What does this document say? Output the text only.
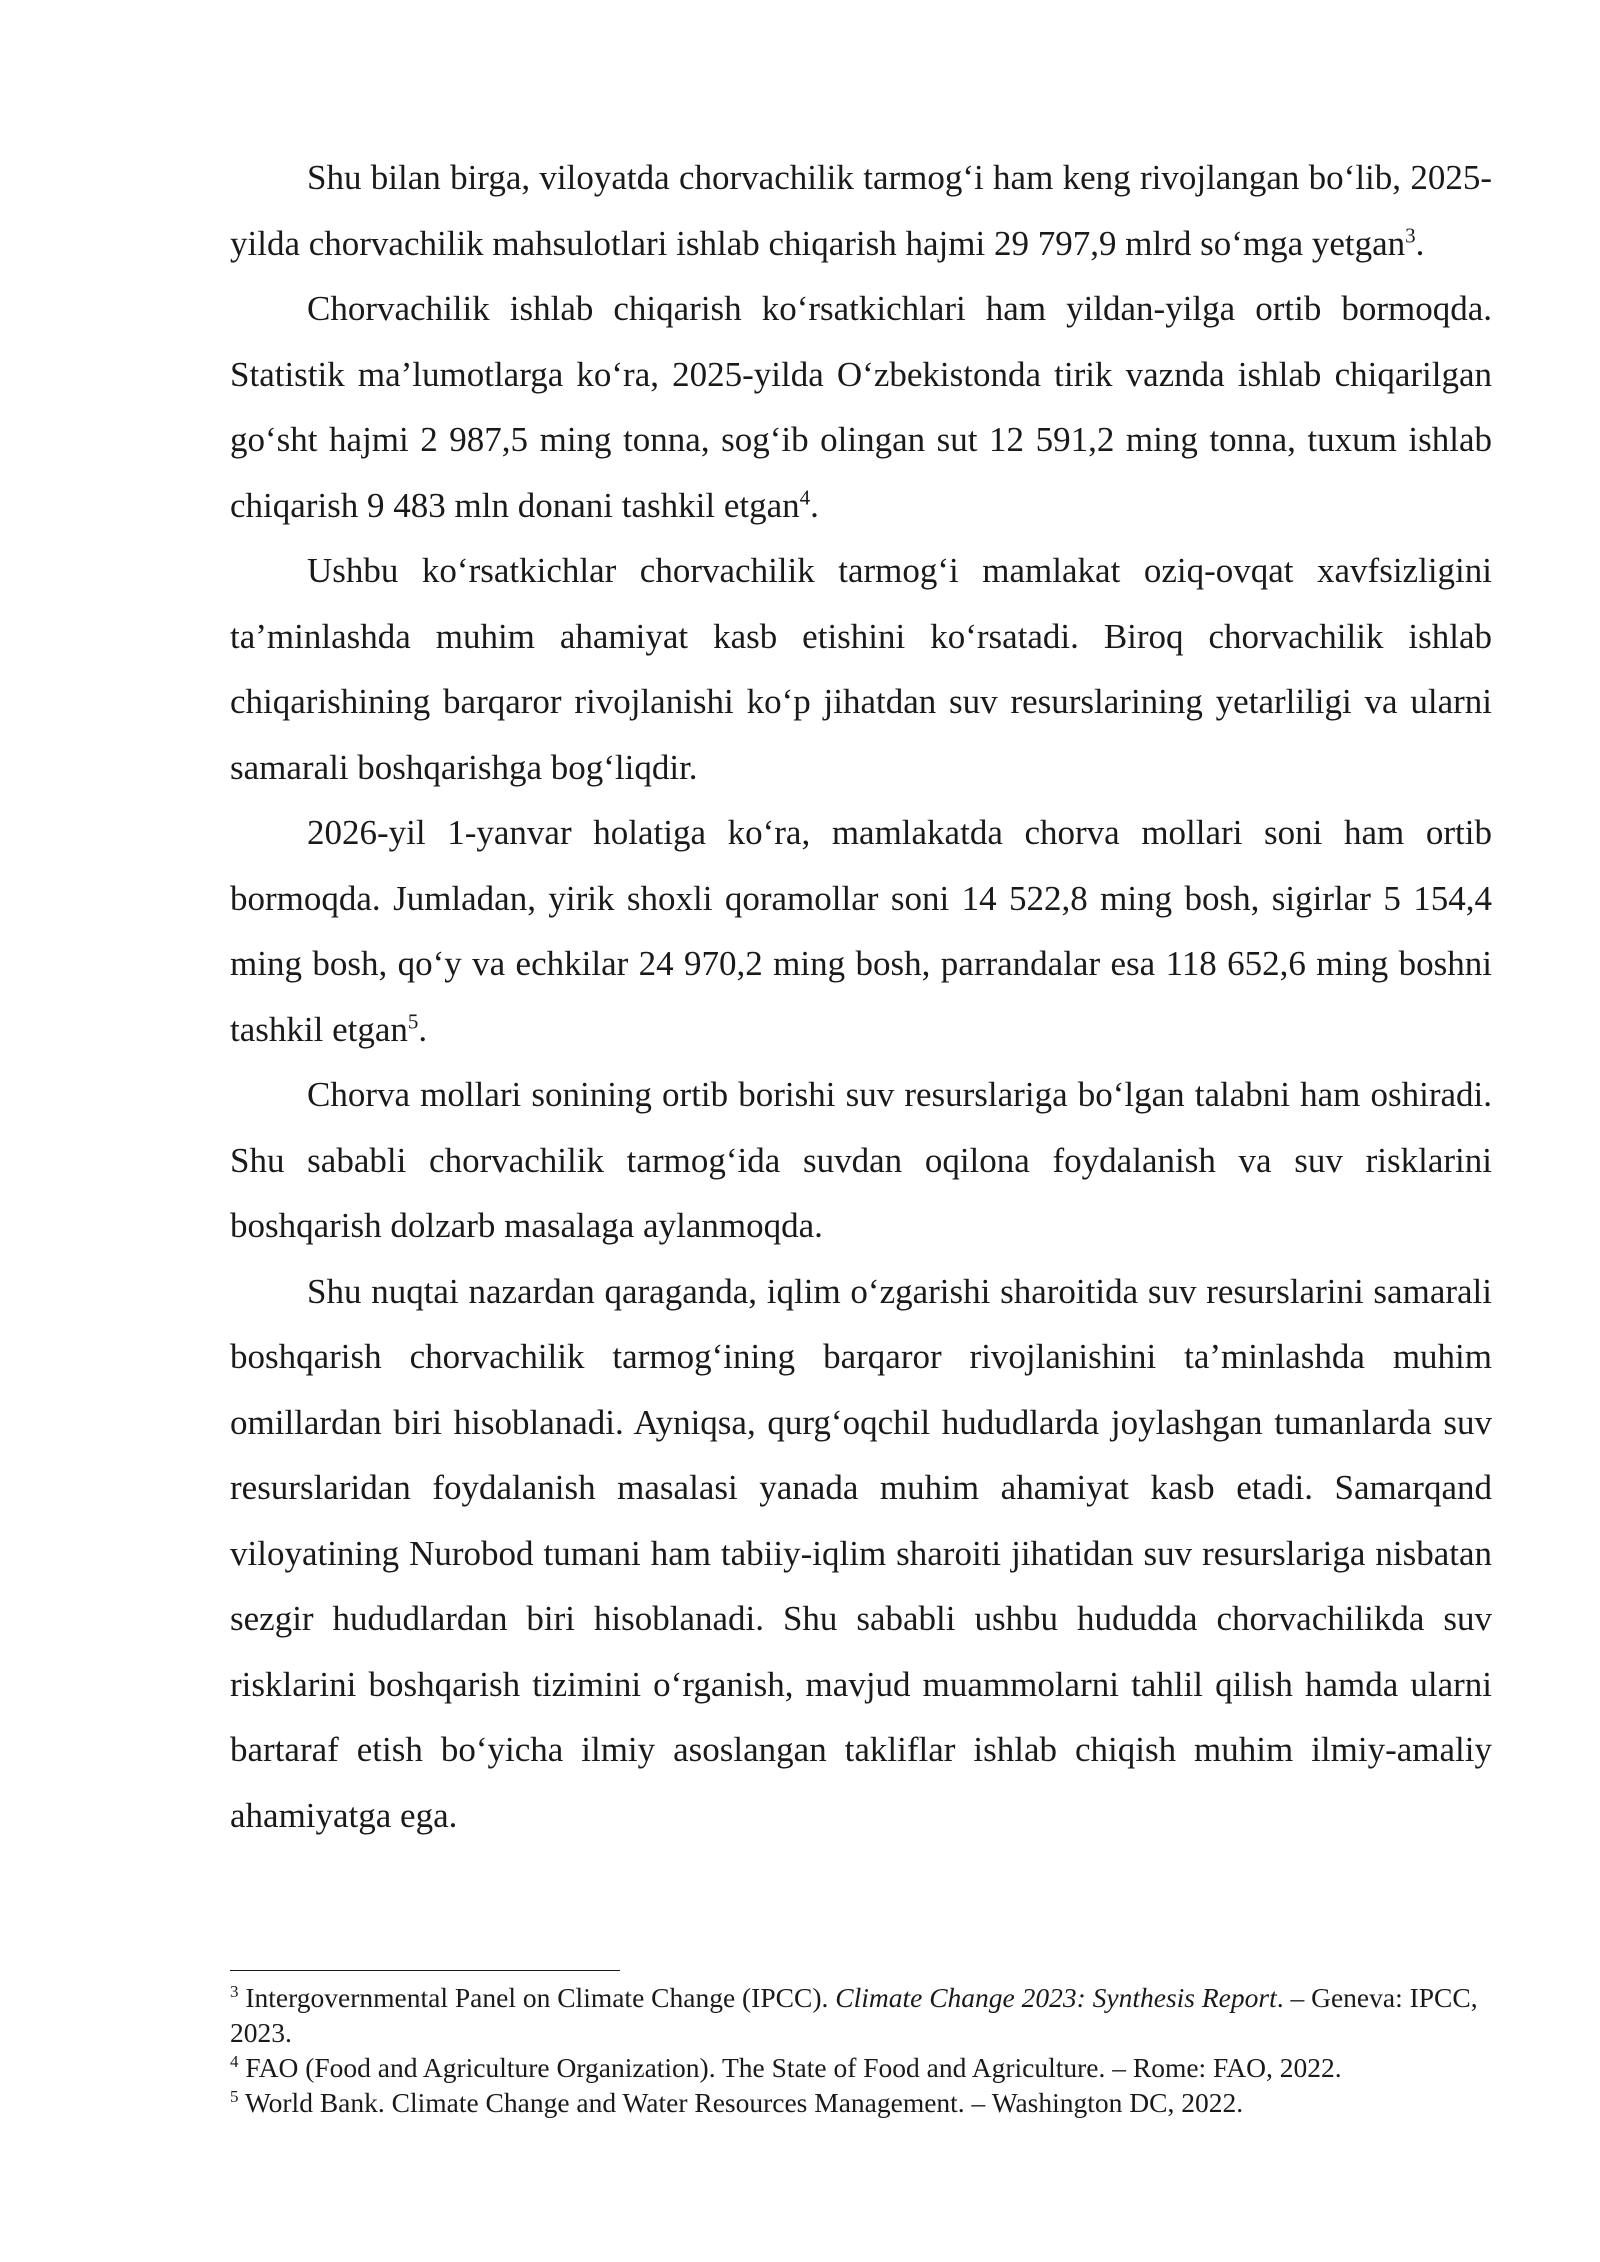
Shu bilan birga, viloyatda chorvachilik tarmog‘i ham keng rivojlangan bo‘lib, 2025-yilda chorvachilik mahsulotlari ishlab chiqarish hajmi 29 797,9 mlrd so‘mga yetgan$^3$.

Chorvachilik ishlab chiqarish ko‘rsatkichlari ham yildan-yilga ortib bormoqda. Statistik ma’lumotlarga ko‘ra, 2025-yilda O‘zbekistonda tirik vaznda ishlab chiqarilgan go‘sht hajmi 2 987,5 ming tonna, sog‘ib olingan sut 12 591,2 ming tonna, tuxum ishlab chiqarish 9 483 mln donani tashkil etgan$^4$.

Ushbu ko‘rsatkichlar chorvachilik tarmog‘i mamlakat oziq-ovqat xavfsizligini ta’minlashda muhim ahamiyat kasb etishini ko‘rsatadi. Biroq chorvachilik ishlab chiqarishining barqaror rivojlanishi ko‘p jihatdan suv resurslarining yetarliligi va ularni samarali boshqarishga bog‘liqdir.

2026-yil 1-yanvar holatiga ko‘ra, mamlakatda chorva mollari soni ham ortib bormoqda. Jumladan, yirik shoxli qoramollar soni 14 522,8 ming bosh, sigirlar 5 154,4 ming bosh, qo‘y va echkilar 24 970,2 ming bosh, parrandalar esa 118 652,6 ming boshni tashkil etgan$^5$.

Chorva mollari sonining ortib borishi suv resurslariga bo‘lgan talabni ham oshiradi. Shu sababli chorvachilik tarmog‘ida suvdan oqilona foydalanish va suv risklarini boshqarish dolzarb masalaga aylanmoqda.

Shu nuqtai nazardan qaraganda, iqlim o‘zgarishi sharoitida suv resurslarini samarali boshqarish chorvachilik tarmog‘ining barqaror rivojlanishini ta’minlashda muhim omillardan biri hisoblanadi. Ayniqsa, qurg‘oqchil hududlarda joylashgan tumanlarda suv resurslaridan foydalanish masalasi yanada muhim ahamiyat kasb etadi. Samarqand viloyatining Nurobod tumani ham tabiiy-iqlim sharoiti jihatidan suv resurslariga nisbatan sezgir hududlardan biri hisoblanadi. Shu sababli ushbu hududda chorvachilikda suv risklarini boshqarish tizimini o‘rganish, mavjud muammolarni tahlil qilish hamda ularni bartaraf etish bo‘yicha ilmiy asoslangan takliflar ishlab chiqish muhim ilmiy-amaliy ahamiyatga ega.

$^3$ Intergovernmental Panel on Climate Change (IPCC). Climate Change 2023: Synthesis Report. – Geneva: IPCC, 2023.

$^4$ FAO (Food and Agriculture Organization). The State of Food and Agriculture. – Rome: FAO, 2022.

$^5$ World Bank. Climate Change and Water Resources Management. – Washington DC, 2022.
